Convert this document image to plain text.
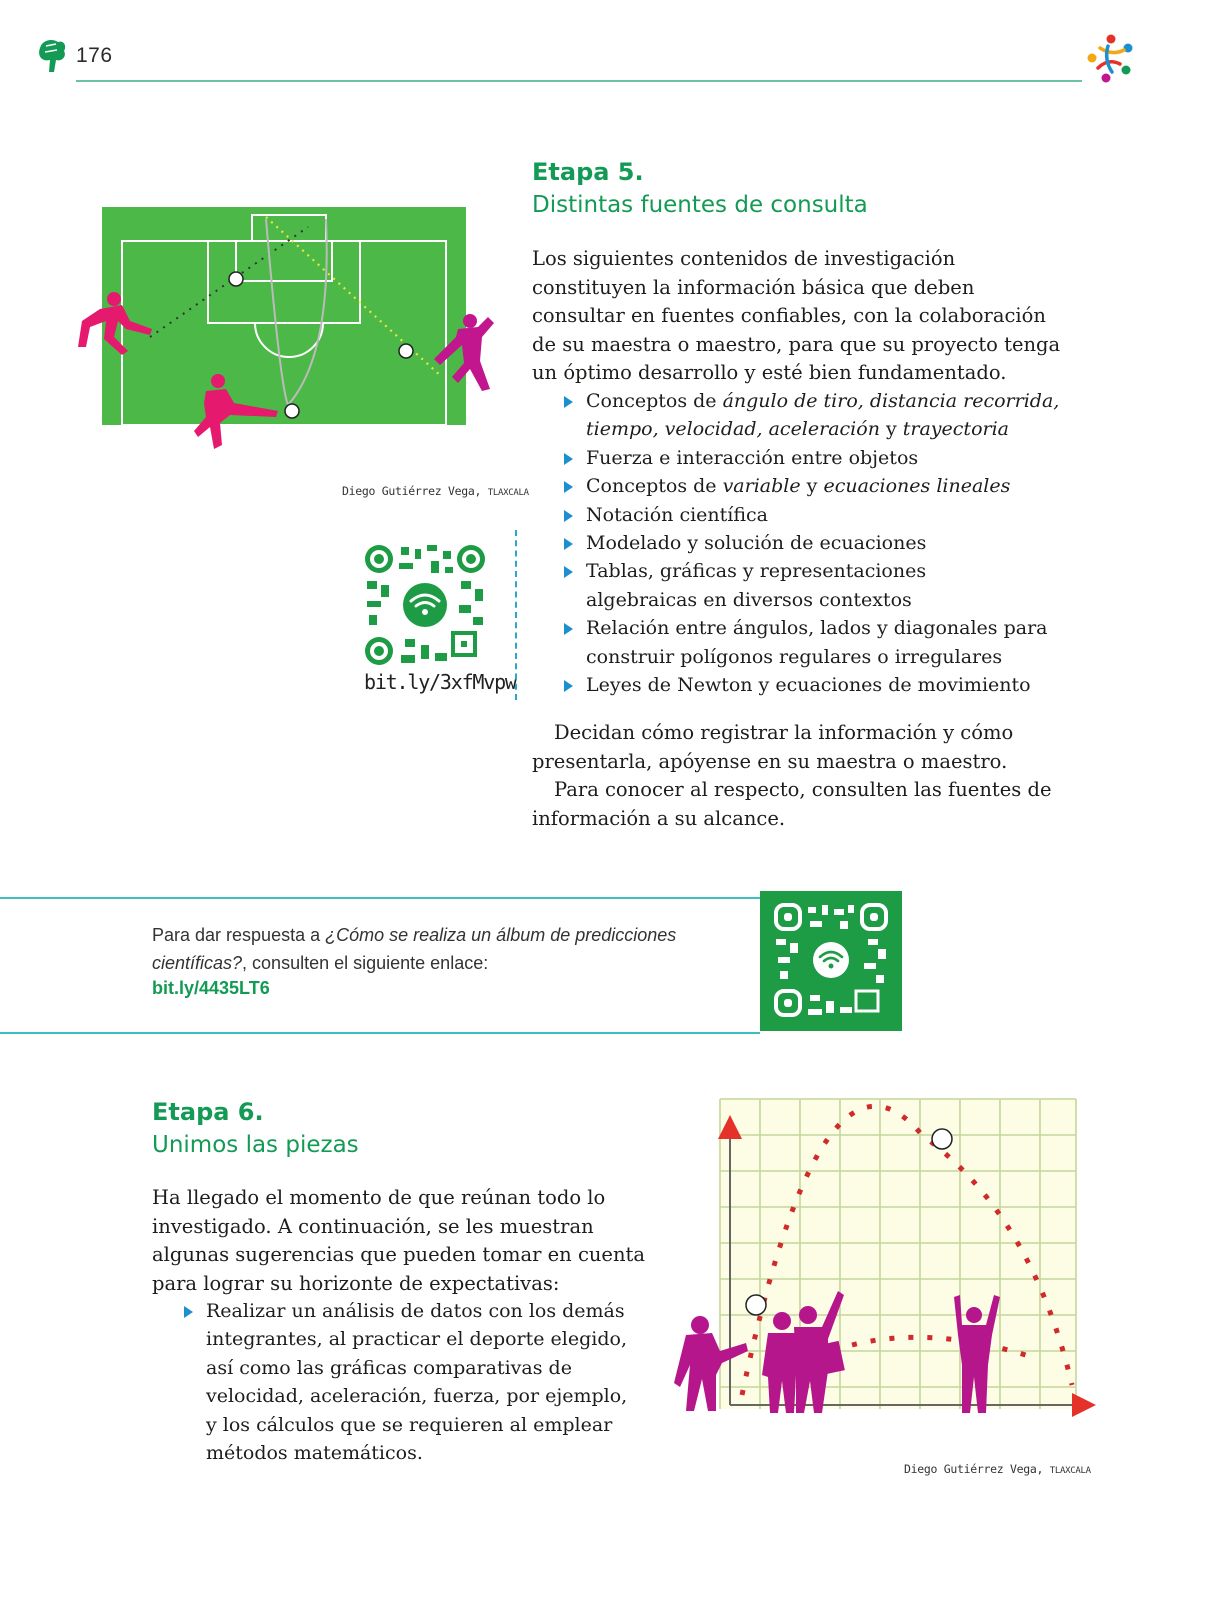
176
Etapa 5.
Distintas fuentes de consulta
Los siguientes contenidos de investigación constituyen la información básica que deben consultar en fuentes confiables, con la colaboración de su maestra o maestro, para que su proyecto tenga un óptimo desarrollo y esté bien fundamentado.
Conceptos de ángulo de tiro, distancia recorrida, tiempo, velocidad, aceleración y trayectoria
Fuerza e interacción entre objetos
Conceptos de variable y ecuaciones lineales
Notación científica
Modelado y solución de ecuaciones
Tablas, gráficas y representaciones algebraicas en diversos contextos
Relación entre ángulos, lados y diagonales para construir polígonos regulares o irregulares
Leyes de Newton y ecuaciones de movimiento
Decidan cómo registrar la información y cómo presentarla, apóyense en su maestra o maestro.
Para conocer al respecto, consulten las fuentes de información a su alcance.
Diego Gutiérrez Vega, TLAXCALA
bit.ly/3xfMvpw
Para dar respuesta a ¿Cómo se realiza un álbum de predicciones científicas?, consulten el siguiente enlace:
bit.ly/4435LT6
Etapa 6.
Unimos las piezas
Ha llegado el momento de que reúnan todo lo investigado. A continuación, se les muestran algunas sugerencias que pueden tomar en cuenta para lograr su horizonte de expectativas:
Realizar un análisis de datos con los demás integrantes, al practicar el deporte elegido, así como las gráficas comparativas de velocidad, aceleración, fuerza, por ejemplo, y los cálculos que se requieren al emplear métodos matemáticos.
Diego Gutiérrez Vega, TLAXCALA
